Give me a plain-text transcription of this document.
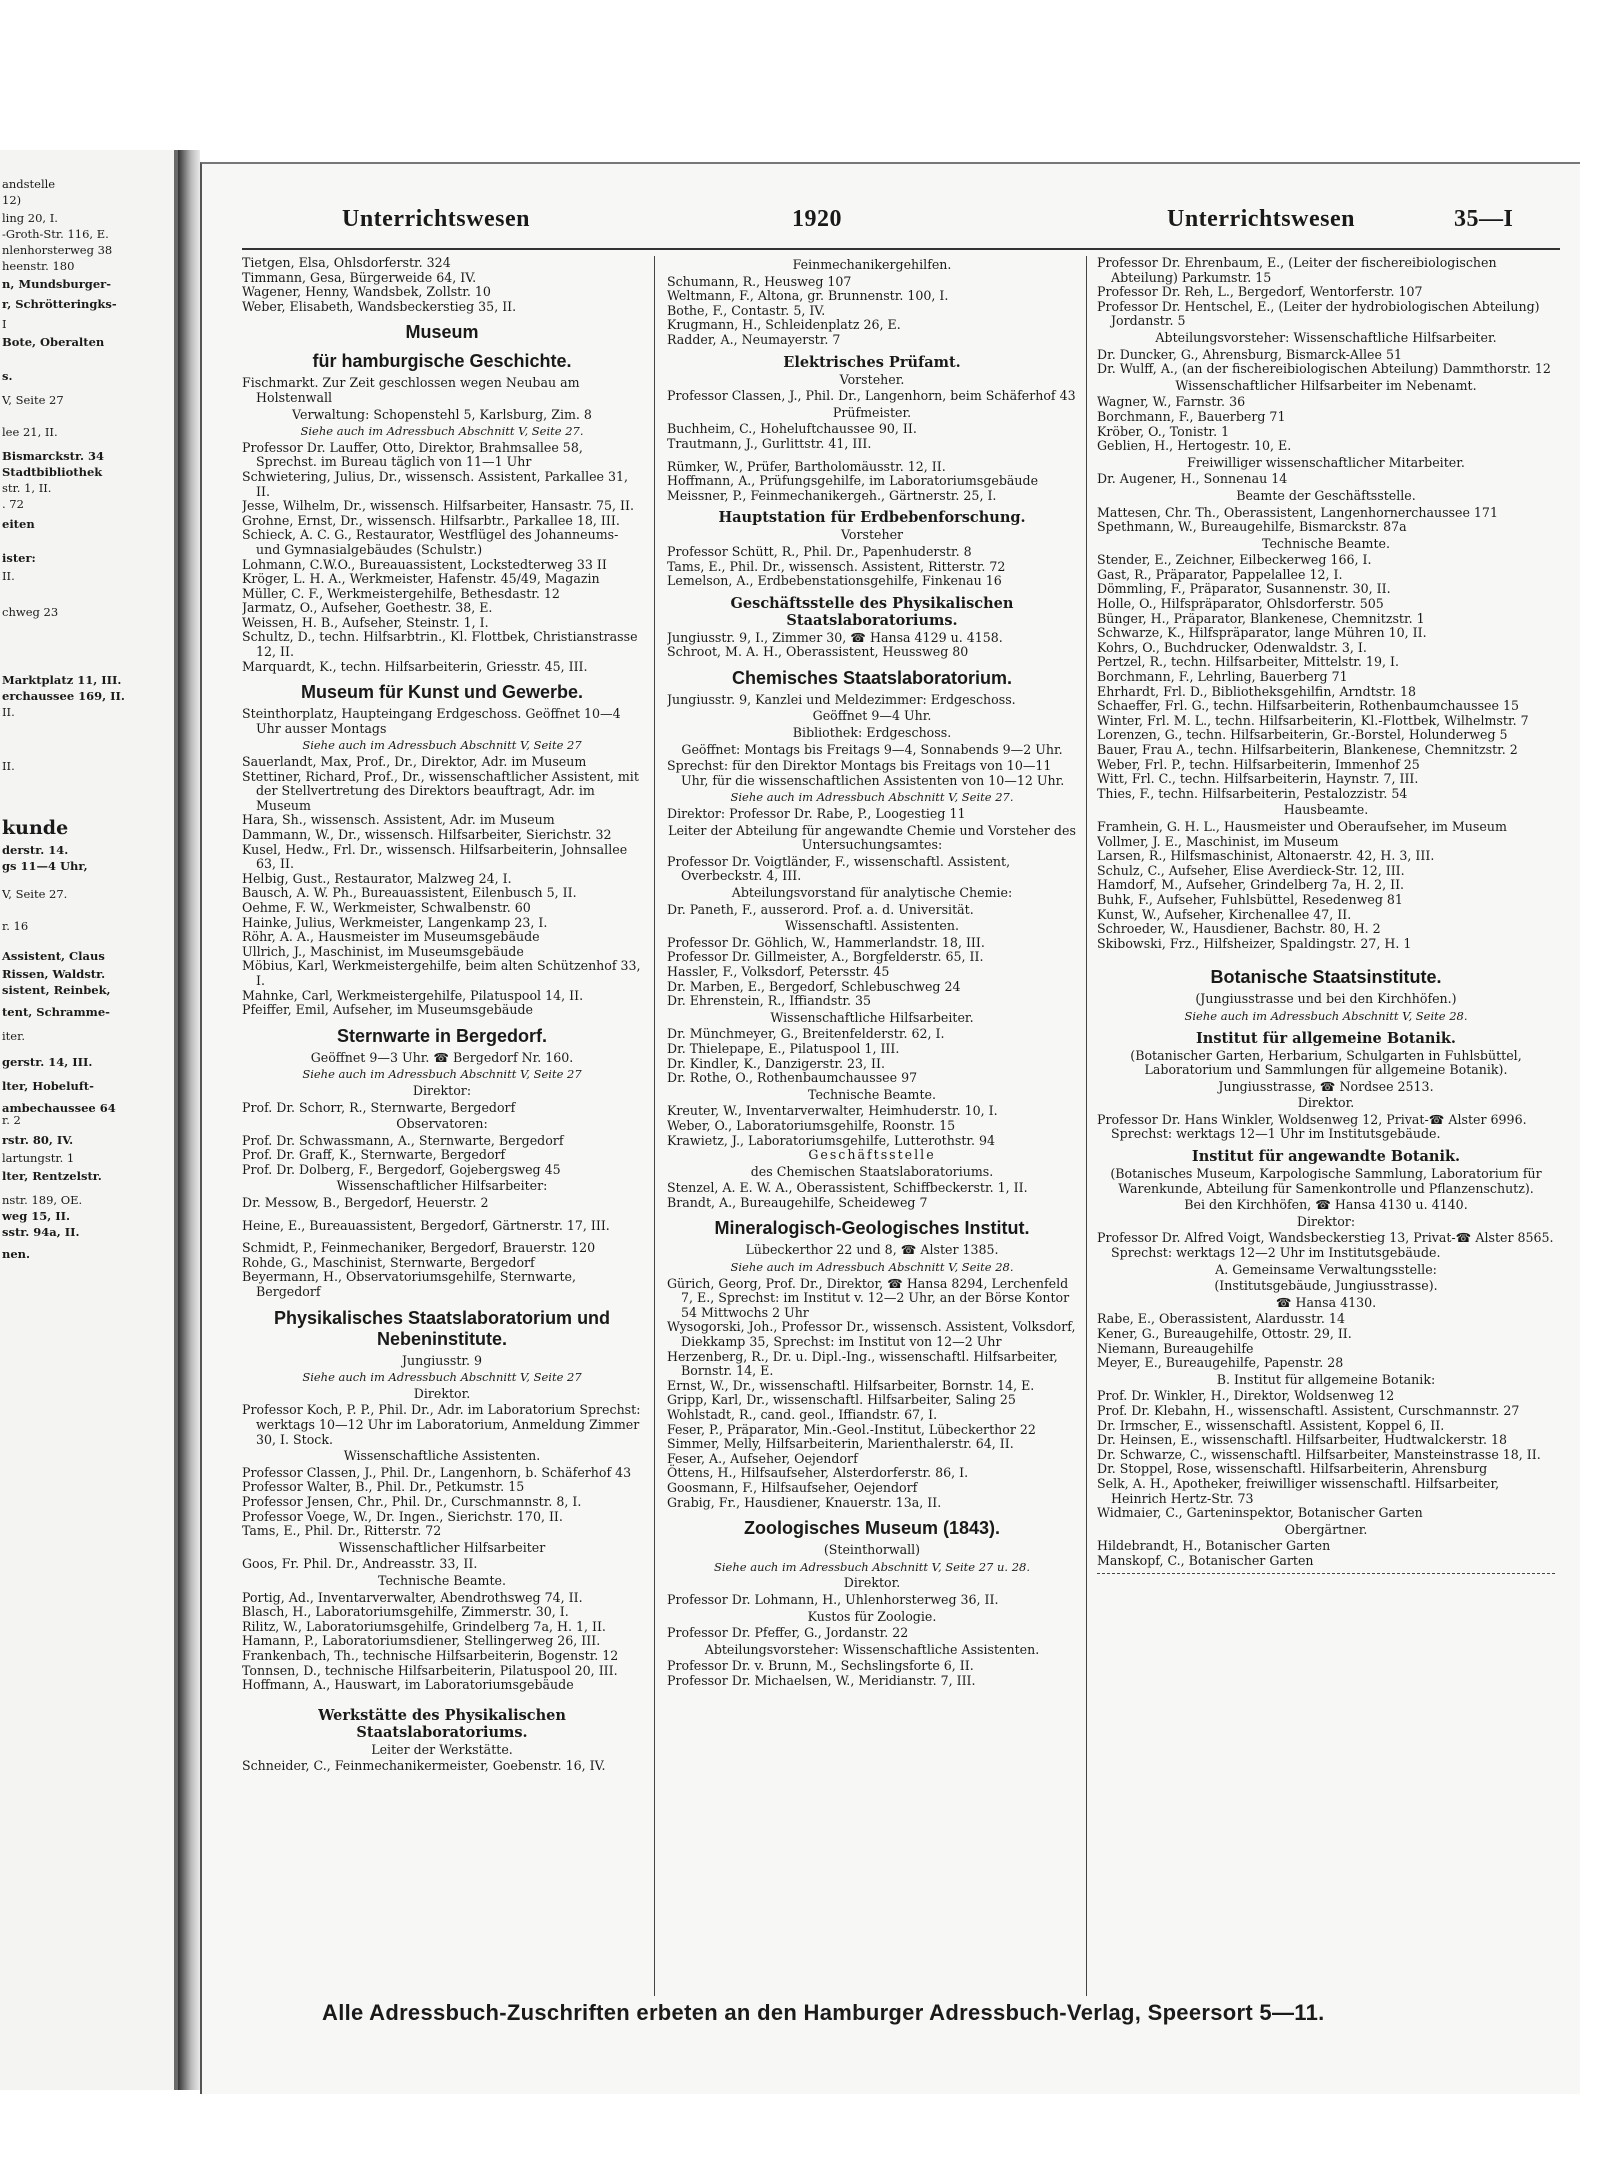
andstelle
12)
ling 20, I.
-Groth-Str. 116, E.
nlenhorsterweg 38
heenstr. 180
n, Mundsburger-
r, Schrötteringks-
I
Bote, Oberalten
s.
V, Seite 27
lee 21, II.
Bismarckstr. 34
Stadtbibliothek
str. 1, II.
. 72
eiten
ister:
II.
chweg 23
Marktplatz 11, III.
erchaussee 169, II.
II.
II.
kunde
derstr. 14.
gs 11—4 Uhr,
V, Seite 27.
r. 16
Assistent, Claus
Rissen, Waldstr.
sistent, Reinbek,
tent, Schramme-
iter.
gerstr. 14, III.
lter, Hobeluft-
ambechaussee 64
r. 2
rstr. 80, IV.
lartungstr. 1
lter, Rentzelstr.
nstr. 189, OE.
weg 15, II.
sstr. 94a, II.
nen.
Unterrichtswesen	1920	Unterrichtswesen	35—I

Tietgen, Elsa, Ohlsdorferstr. 324

Timmann, Gesa, Bürgerweide 64, IV.

Wagener, Henny, Wandsbek, Zollstr. 10

Weber, Elisabeth, Wandsbeckerstieg 35, II.

Museum

für hamburgische Geschichte.

Fischmarkt. Zur Zeit geschlossen wegen Neubau am Holstenwall

Verwaltung: Schopenstehl 5, Karlsburg, Zim. 8

Siehe auch im Adressbuch Abschnitt V, Seite 27.

Professor Dr. Lauffer, Otto, Direktor, Brahmsallee 58, Sprechst. im Bureau täglich von 11—1 Uhr

Schwietering, Julius, Dr., wissensch. Assistent, Parkallee 31, II.

Jesse, Wilhelm, Dr., wissensch. Hilfsarbeiter, Hansastr. 75, II.

Grohne, Ernst, Dr., wissensch. Hilfsarbtr., Parkallee 18, III.

Schieck, A. C. G., Restaurator, Westflügel des Johanneums- und Gymnasialgebäudes (Schulstr.)

Lohmann, C.W.O., Bureauassistent, Lockstedterweg 33 II

Kröger, L. H. A., Werkmeister, Hafenstr. 45/49, Magazin

Müller, C. F., Werkmeistergehilfe, Bethesdastr. 12

Jarmatz, O., Aufseher, Goethestr. 38, E.

Weissen, H. B., Aufseher, Steinstr. 1, I.

Schultz, D., techn. Hilfsarbtrin., Kl. Flottbek, Christianstrasse 12, II.

Marquardt, K., techn. Hilfsarbeiterin, Griesstr. 45, III.

Museum für Kunst und Gewerbe.

Steinthorplatz, Haupteingang Erdgeschoss. Geöffnet 10—4 Uhr ausser Montags

Siehe auch im Adressbuch Abschnitt V, Seite 27

Sauerlandt, Max, Prof., Dr., Direktor, Adr. im Museum

Stettiner, Richard, Prof., Dr., wissenschaftlicher Assistent, mit der Stellvertretung des Direktors beauftragt, Adr. im Museum

Hara, Sh., wissensch. Assistent, Adr. im Museum

Dammann, W., Dr., wissensch. Hilfsarbeiter, Sierichstr. 32

Kusel, Hedw., Frl. Dr., wissensch. Hilfsarbeiterin, Johnsallee 63, II.

Helbig, Gust., Restaurator, Malzweg 24, I.

Bausch, A. W. Ph., Bureauassistent, Eilenbusch 5, II.

Oehme, F. W., Werkmeister, Schwalbenstr. 60

Hainke, Julius, Werkmeister, Langenkamp 23, I.

Röhr, A. A., Hausmeister im Museumsgebäude

Ullrich, J., Maschinist, im Museumsgebäude

Möbius, Karl, Werkmeistergehilfe, beim alten Schützenhof 33, I.

Mahnke, Carl, Werkmeistergehilfe, Pilatuspool 14, II.

Pfeiffer, Emil, Aufseher, im Museumsgebäude

Sternwarte in Bergedorf.

Geöffnet 9—3 Uhr. ☎ Bergedorf Nr. 160.

Siehe auch im Adressbuch Abschnitt V, Seite 27

Direktor:

Prof. Dr. Schorr, R., Sternwarte, Bergedorf

Observatoren:

Prof. Dr. Schwassmann, A., Sternwarte, Bergedorf

Prof. Dr. Graff, K., Sternwarte, Bergedorf

Prof. Dr. Dolberg, F., Bergedorf, Gojebergsweg 45

Wissenschaftlicher Hilfsarbeiter:

Dr. Messow, B., Bergedorf, Heuerstr. 2

Heine, E., Bureauassistent, Bergedorf, Gärtnerstr. 17, III.

Schmidt, P., Feinmechaniker, Bergedorf, Brauerstr. 120

Rohde, G., Maschinist, Sternwarte, Bergedorf

Beyermann, H., Observatoriumsgehilfe, Sternwarte, Bergedorf

Physikalisches Staatslaboratorium und Nebeninstitute.

Jungiusstr. 9

Siehe auch im Adressbuch Abschnitt V, Seite 27

Direktor.

Professor Koch, P. P., Phil. Dr., Adr. im Laboratorium Sprechst: werktags 10—12 Uhr im Laboratorium, Anmeldung Zimmer 30, I. Stock.

Wissenschaftliche Assistenten.

Professor Classen, J., Phil. Dr., Langenhorn, b. Schäferhof 43

Professor Walter, B., Phil. Dr., Petkumstr. 15

Professor Jensen, Chr., Phil. Dr., Curschmannstr. 8, I.

Professor Voege, W., Dr. Ingen., Sierichstr. 170, II.

Tams, E., Phil. Dr., Ritterstr. 72

Wissenschaftlicher Hilfsarbeiter

Goos, Fr. Phil. Dr., Andreasstr. 33, II.

Technische Beamte.

Portig, Ad., Inventarverwalter, Abendrothsweg 74, II.

Blasch, H., Laboratoriumsgehilfe, Zimmerstr. 30, I.

Rilitz, W., Laboratoriumsgehilfe, Grindelberg 7a, H. 1, II.

Hamann, P., Laboratoriumsdiener, Stellingerweg 26, III.

Frankenbach, Th., technische Hilfsarbeiterin, Bogenstr. 12

Tonnsen, D., technische Hilfsarbeiterin, Pilatuspool 20, III.

Hoffmann, A., Hauswart, im Laboratoriumsgebäude

Werkstätte des Physikalischen Staatslaboratoriums.

Leiter der Werkstätte.

Schneider, C., Feinmechanikermeister, Goebenstr. 16, IV.

Feinmechanikergehilfen.

Schumann, R., Heusweg 107

Weltmann, F., Altona, gr. Brunnenstr. 100, I.

Bothe, F., Contastr. 5, IV.

Krugmann, H., Schleidenplatz 26, E.

Radder, A., Neumayerstr. 7

Elektrisches Prüfamt.

Vorsteher.

Professor Classen, J., Phil. Dr., Langenhorn, beim Schäferhof 43

Prüfmeister.

Buchheim, C., Hoheluftchaussee 90, II.

Trautmann, J., Gurlittstr. 41, III.

Rümker, W., Prüfer, Bartholomäusstr. 12, II.

Hoffmann, A., Prüfungsgehilfe, im Laboratoriumsgebäude

Meissner, P., Feinmechanikergeh., Gärtnerstr. 25, I.

Hauptstation für Erdbebenforschung.

Vorsteher

Professor Schütt, R., Phil. Dr., Papenhuderstr. 8

Tams, E., Phil. Dr., wissensch. Assistent, Ritterstr. 72

Lemelson, A., Erdbebenstationsgehilfe, Finkenau 16

Geschäftsstelle des Physikalischen Staatslaboratoriums.

Jungiusstr. 9, I., Zimmer 30, ☎ Hansa 4129 u. 4158.

Schroot, M. A. H., Oberassistent, Heussweg 80

Chemisches Staatslaboratorium.

Jungiusstr. 9, Kanzlei und Meldezimmer: Erdgeschoss.

Geöffnet 9—4 Uhr.

Bibliothek: Erdgeschoss.

Geöffnet: Montags bis Freitags 9—4, Sonnabends 9—2 Uhr.

Sprechst: für den Direktor Montags bis Freitags von 10—11 Uhr, für die wissenschaftlichen Assistenten von 10—12 Uhr.

Siehe auch im Adressbuch Abschnitt V, Seite 27.

Direktor: Professor Dr. Rabe, P., Loogestieg 11

Leiter der Abteilung für angewandte Chemie und Vorsteher des Untersuchungsamtes:

Professor Dr. Voigtländer, F., wissenschaftl. Assistent, Overbeckstr. 4, III.

Abteilungsvorstand für analytische Chemie:

Dr. Paneth, F., ausserord. Prof. a. d. Universität.

Wissenschaftl. Assistenten.

Professor Dr. Göhlich, W., Hammerlandstr. 18, III.

Professor Dr. Gillmeister, A., Borgfelderstr. 65, II.

Hassler, F., Volksdorf, Petersstr. 45

Dr. Marben, E., Bergedorf, Schlebuschweg 24

Dr. Ehrenstein, R., Iffiandstr. 35

Wissenschaftliche Hilfsarbeiter.

Dr. Münchmeyer, G., Breitenfelderstr. 62, I.

Dr. Thielepape, E., Pilatuspool 1, III.

Dr. Kindler, K., Danzigerstr. 23, II.

Dr. Rothe, O., Rothenbaumchaussee 97

Technische Beamte.

Kreuter, W., Inventarverwalter, Heimhuderstr. 10, I.

Weber, O., Laboratoriumsgehilfe, Roonstr. 15

Krawietz, J., Laboratoriumsgehilfe, Lutterothstr. 94

Geschäftsstelle

des Chemischen Staatslaboratoriums.

Stenzel, A. E. W. A., Oberassistent, Schiffbeckerstr. 1, II.

Brandt, A., Bureaugehilfe, Scheideweg 7

Mineralogisch-Geologisches Institut.

Lübeckerthor 22 und 8, ☎ Alster 1385.

Siehe auch im Adressbuch Abschnitt V, Seite 28.

Gürich, Georg, Prof. Dr., Direktor, ☎ Hansa 8294, Lerchenfeld 7, E., Sprechst: im Institut v. 12—2 Uhr, an der Börse Kontor 54 Mittwochs 2 Uhr

Wysogorski, Joh., Professor Dr., wissensch. Assistent, Volksdorf, Diekkamp 35, Sprechst: im Institut von 12—2 Uhr

Herzenberg, R., Dr. u. Dipl.-Ing., wissenschaftl. Hilfsarbeiter, Bornstr. 14, E.

Ernst, W., Dr., wissenschaftl. Hilfsarbeiter, Bornstr. 14, E.

Gripp, Karl, Dr., wissenschaftl. Hilfsarbeiter, Saling 25

Wohlstadt, R., cand. geol., Iffiandstr. 67, I.

Feser, P., Präparator, Min.-Geol.-Institut, Lübeckerthor 22

Simmer, Melly, Hilfsarbeiterin, Marienthalerstr. 64, II.

Feser, A., Aufseher, Oejendorf

Öttens, H., Hilfsaufseher, Alsterdorferstr. 86, I.

Goosmann, F., Hilfsaufseher, Oejendorf

Grabig, Fr., Hausdiener, Knauerstr. 13a, II.

Zoologisches Museum (1843).

(Steinthorwall)

Siehe auch im Adressbuch Abschnitt V, Seite 27 u. 28.

Direktor.

Professor Dr. Lohmann, H., Uhlenhorsterweg 36, II.

Kustos für Zoologie.

Professor Dr. Pfeffer, G., Jordanstr. 22

Abteilungsvorsteher: Wissenschaftliche Assistenten.

Professor Dr. v. Brunn, M., Sechslingsforte 6, II.

Professor Dr. Michaelsen, W., Meridianstr. 7, III.

Professor Dr. Ehrenbaum, E., (Leiter der fischereibiologischen Abteilung) Parkumstr. 15

Professor Dr. Reh, L., Bergedorf, Wentorferstr. 107

Professor Dr. Hentschel, E., (Leiter der hydrobiologischen Abteilung) Jordanstr. 5

Abteilungsvorsteher: Wissenschaftliche Hilfsarbeiter.

Dr. Duncker, G., Ahrensburg, Bismarck-Allee 51

Dr. Wulff, A., (an der fischereibiologischen Abteilung) Dammthorstr. 12

Wissenschaftlicher Hilfsarbeiter im Nebenamt.

Wagner, W., Farnstr. 36

Borchmann, F., Bauerberg 71

Kröber, O., Tonistr. 1

Geblien, H., Hertogestr. 10, E.

Freiwilliger wissenschaftlicher Mitarbeiter.

Dr. Augener, H., Sonnenau 14

Beamte der Geschäftsstelle.

Mattesen, Chr. Th., Oberassistent, Langenhornerchaussee 171

Spethmann, W., Bureaugehilfe, Bismarckstr. 87a

Technische Beamte.

Stender, E., Zeichner, Eilbeckerweg 166, I.

Gast, R., Präparator, Pappelallee 12, I.

Dömmling, F., Präparator, Susannenstr. 30, II.

Holle, O., Hilfspräparator, Ohlsdorferstr. 505

Bünger, H., Präparator, Blankenese, Chemnitzstr. 1

Schwarze, K., Hilfspräparator, lange Mühren 10, II.

Kohrs, O., Buchdrucker, Odenwaldstr. 3, I.

Pertzel, R., techn. Hilfsarbeiter, Mittelstr. 19, I.

Borchmann, F., Lehrling, Bauerberg 71

Ehrhardt, Frl. D., Bibliotheksgehilfin, Arndtstr. 18

Schaeffer, Frl. G., techn. Hilfsarbeiterin, Rothenbaumchaussee 15

Winter, Frl. M. L., techn. Hilfsarbeiterin, Kl.-Flottbek, Wilhelmstr. 7

Lorenzen, G., techn. Hilfsarbeiterin, Gr.-Borstel, Holunderweg 5

Bauer, Frau A., techn. Hilfsarbeiterin, Blankenese, Chemnitzstr. 2

Weber, Frl. P., techn. Hilfsarbeiterin, Immenhof 25

Witt, Frl. C., techn. Hilfsarbeiterin, Haynstr. 7, III.

Thies, F., techn. Hilfsarbeiterin, Pestalozzistr. 54

Hausbeamte.

Framhein, G. H. L., Hausmeister und Oberaufseher, im Museum

Vollmer, J. E., Maschinist, im Museum

Larsen, R., Hilfsmaschinist, Altonaerstr. 42, H. 3, III.

Schulz, C., Aufseher, Elise Averdieck-Str. 12, III.

Hamdorf, M., Aufseher, Grindelberg 7a, H. 2, II.

Buhk, F., Aufseher, Fuhlsbüttel, Resedenweg 81

Kunst, W., Aufseher, Kirchenallee 47, II.

Schroeder, W., Hausdiener, Bachstr. 80, H. 2

Skibowski, Frz., Hilfsheizer, Spaldingstr. 27, H. 1

Botanische Staatsinstitute.

(Jungiusstrasse und bei den Kirchhöfen.)

Siehe auch im Adressbuch Abschnitt V, Seite 28.

Institut für allgemeine Botanik.

(Botanischer Garten, Herbarium, Schulgarten in Fuhlsbüttel, Laboratorium und Sammlungen für allgemeine Botanik).

Jungiusstrasse, ☎ Nordsee 2513.

Direktor.

Professor Dr. Hans Winkler, Woldsenweg 12, Privat-☎ Alster 6996. Sprechst: werktags 12—1 Uhr im Institutsgebäude.

Institut für angewandte Botanik.

(Botanisches Museum, Karpologische Sammlung, Laboratorium für Warenkunde, Abteilung für Samenkontrolle und Pflanzenschutz).

Bei den Kirchhöfen, ☎ Hansa 4130 u. 4140.

Direktor:

Professor Dr. Alfred Voigt, Wandsbeckerstieg 13, Privat-☎ Alster 8565. Sprechst: werktags 12—2 Uhr im Institutsgebäude.

A. Gemeinsame Verwaltungsstelle:

(Institutsgebäude, Jungiusstrasse).

☎ Hansa 4130.

Rabe, E., Oberassistent, Alardusstr. 14

Kener, G., Bureaugehilfe, Ottostr. 29, II.

Niemann, Bureaugehilfe

Meyer, E., Bureaugehilfe, Papenstr. 28

B. Institut für allgemeine Botanik:

Prof. Dr. Winkler, H., Direktor, Woldsenweg 12

Prof. Dr. Klebahn, H., wissenschaftl. Assistent, Curschmannstr. 27

Dr. Irmscher, E., wissenschaftl. Assistent, Koppel 6, II.

Dr. Heinsen, E., wissenschaftl. Hilfsarbeiter, Hudtwalckerstr. 18

Dr. Schwarze, C., wissenschaftl. Hilfsarbeiter, Mansteinstrasse 18, II.

Dr. Stoppel, Rose, wissenschaftl. Hilfsarbeiterin, Ahrensburg

Selk, A. H., Apotheker, freiwilliger wissenschaftl. Hilfsarbeiter, Heinrich Hertz-Str. 73

Widmaier, C., Garteninspektor, Botanischer Garten

Obergärtner.

Hildebrandt, H., Botanischer Garten

Manskopf, C., Botanischer Garten

Alle Adressbuch-Zuschriften erbeten an den Hamburger Adressbuch-Verlag, Speersort 5—11.
